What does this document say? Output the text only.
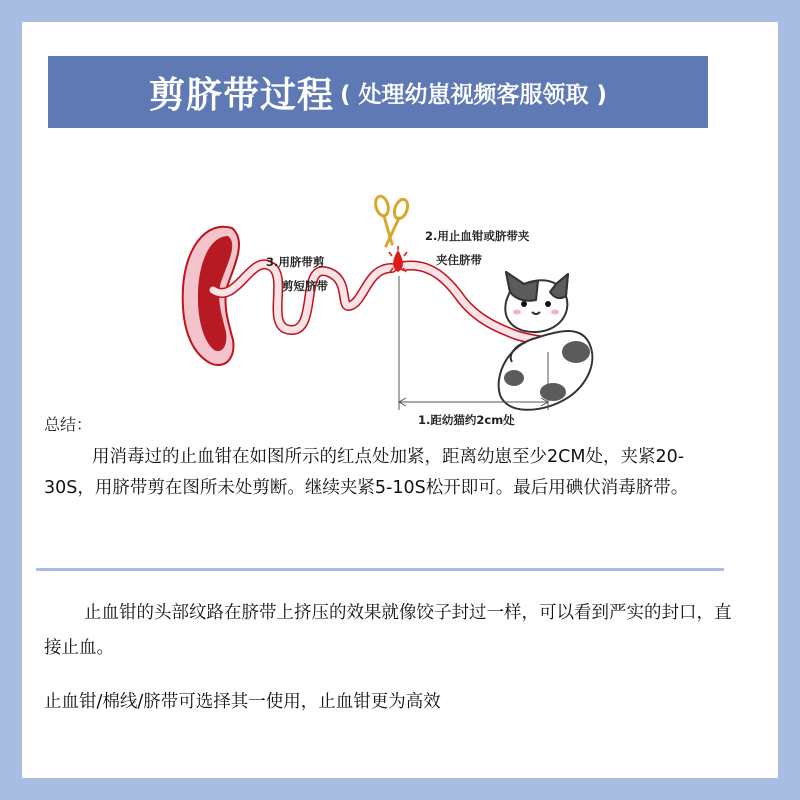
剪脐带过程 ( 处理幼崽视频客服领取 )
2.用止血钳或脐带夹
夹住脐带
3.用脐带剪
剪短脐带
1.距幼猫约2cm处
总结：
用消毒过的止血钳在如图所示的红点处加紧，距离幼崽至少2CM处，夹紧20-30S，用脐带剪在图所未处剪断。继续夹紧5-10S松开即可。最后用碘伏消毒脐带。
止血钳的头部纹路在脐带上挤压的效果就像饺子封过一样，可以看到严实的封口，直接止血。
止血钳/棉线/脐带可选择其一使用，止血钳更为高效
